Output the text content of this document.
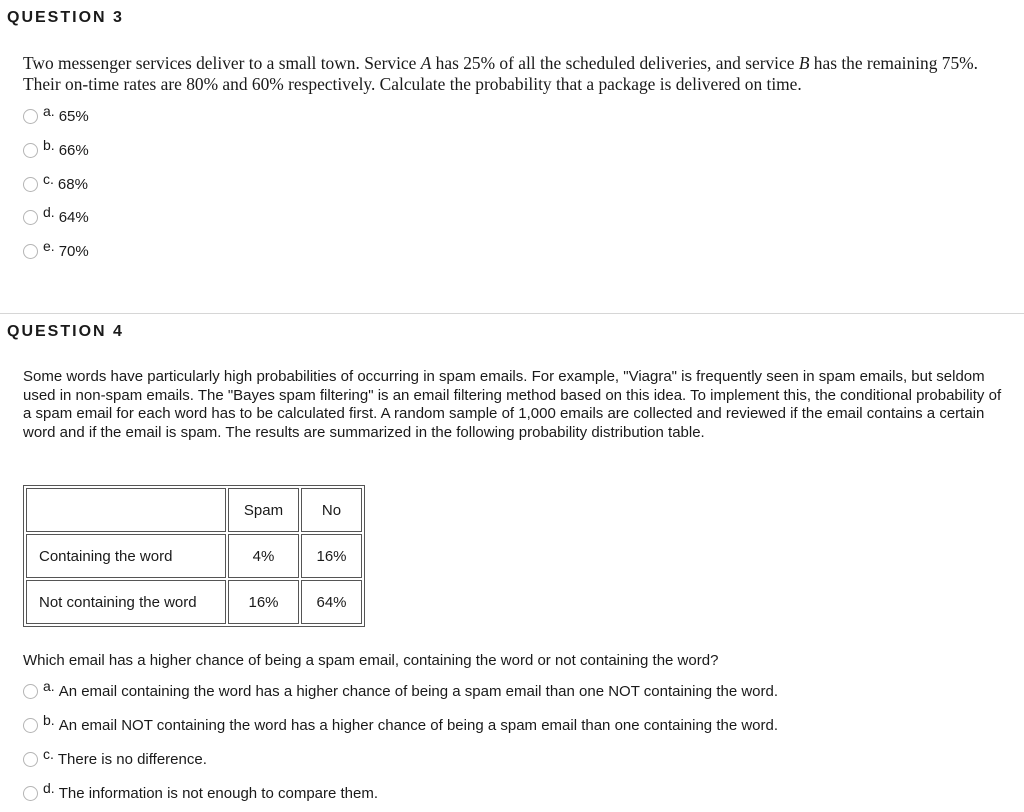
QUESTION 3
Two messenger services deliver to a small town. Service A has 25% of all the scheduled deliveries, and service B has the remaining 75%. Their on-time rates are 80% and 60% respectively. Calculate the probability that a package is delivered on time.
a. 65%
b. 66%
c. 68%
d. 64%
e. 70%
QUESTION 4
Some words have particularly high probabilities of occurring in spam emails. For example, "Viagra" is frequently seen in spam emails, but seldom used in non-spam emails. The "Bayes spam filtering" is an email filtering method based on this idea. To implement this, the conditional probability of a spam email for each word has to be calculated first. A random sample of 1,000 emails are collected and reviewed if the email contains a certain word and if the email is spam. The results are summarized in the following probability distribution table.
	Spam	No
Containing the word	4%	16%
Not containing the word	16%	64%
Which email has a higher chance of being a spam email, containing the word or not containing the word?
a. An email containing the word has a higher chance of being a spam email than one NOT containing the word.
b. An email NOT containing the word has a higher chance of being a spam email than one containing the word.
c. There is no difference.
d. The information is not enough to compare them.
